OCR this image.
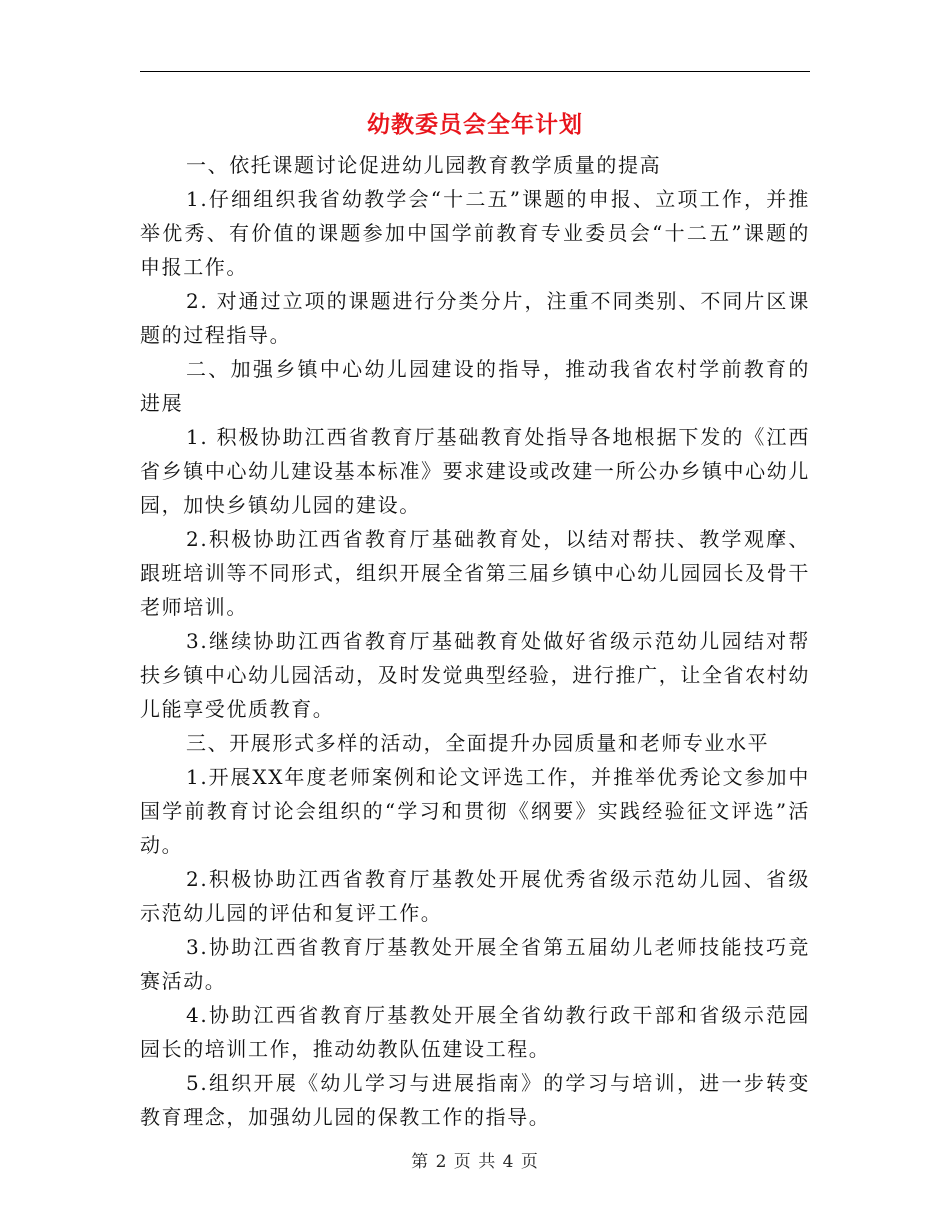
幼教委员会全年计划

一、依托课题讨论促进幼儿园教育教学质量的提高

1.仔细组织我省幼教学会“十二五”课题的申报、立项工作，并推举优秀、有价值的课题参加中国学前教育专业委员会“十二五”课题的申报工作。

2. 对通过立项的课题进行分类分片，注重不同类别、不同片区课题的过程指导。

二、加强乡镇中心幼儿园建设的指导，推动我省农村学前教育的进展

1. 积极协助江西省教育厅基础教育处指导各地根据下发的《江西省乡镇中心幼儿建设基本标准》要求建设或改建一所公办乡镇中心幼儿园，加快乡镇幼儿园的建设。

2.积极协助江西省教育厅基础教育处，以结对帮扶、教学观摩、跟班培训等不同形式，组织开展全省第三届乡镇中心幼儿园园长及骨干老师培训。

3.继续协助江西省教育厅基础教育处做好省级示范幼儿园结对帮扶乡镇中心幼儿园活动，及时发觉典型经验，进行推广，让全省农村幼儿能享受优质教育。

三、开展形式多样的活动，全面提升办园质量和老师专业水平

1.开展XX年度老师案例和论文评选工作，并推举优秀论文参加中国学前教育讨论会组织的“学习和贯彻《纲要》实践经验征文评选”活动。

2.积极协助江西省教育厅基教处开展优秀省级示范幼儿园、省级示范幼儿园的评估和复评工作。

3.协助江西省教育厅基教处开展全省第五届幼儿老师技能技巧竞赛活动。

4.协助江西省教育厅基教处开展全省幼教行政干部和省级示范园园长的培训工作，推动幼教队伍建设工程。

5.组织开展《幼儿学习与进展指南》的学习与培训，进一步转变教育理念，加强幼儿园的保教工作的指导。

第 2 页 共 4 页
